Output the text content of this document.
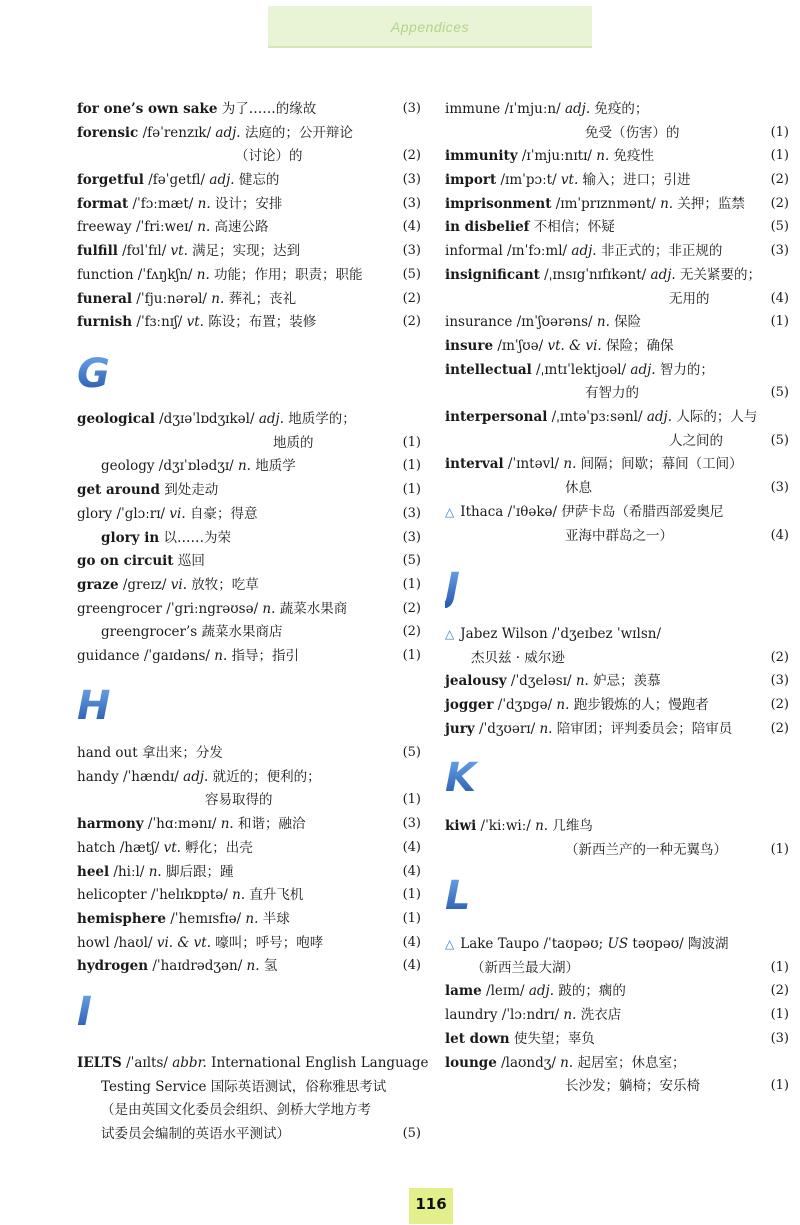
Appendices
for one’s own sake 为了……的缘故	(3)
forensic /fəˈrenzɪk/ adj. 法庭的；公开辩论
（讨论）的	(2)
forgetful /fəˈgetfl/ adj. 健忘的	(3)
format /ˈfɔːmæt/ n. 设计；安排	(3)
freeway /ˈfriːweɪ/ n. 高速公路	(4)
fulfill /fʊlˈfɪl/ vt. 满足；实现；达到	(3)
function /ˈfʌŋkʃn/ n. 功能；作用；职责；职能	(5)
funeral /ˈfjuːnərəl/ n. 葬礼；丧礼	(2)
furnish /ˈfɜːnɪʃ/ vt. 陈设；布置；装修	(2)
G
geological /dʒɪəˈlɒdʒɪkəl/ adj. 地质学的；
地质的	(1)
geology /dʒɪˈɒlədʒɪ/ n. 地质学	(1)
get around 到处走动	(1)
glory /ˈglɔːrɪ/ vi. 自豪；得意	(3)
glory in 以……为荣	(3)
go on circuit 巡回	(5)
graze /greɪz/ vi. 放牧；吃草	(1)
greengrocer /ˈgriːngrəʊsə/ n. 蔬菜水果商	(2)
greengrocer’s 蔬菜水果商店	(2)
guidance /ˈgaɪdəns/ n. 指导；指引	(1)
H
hand out 拿出来；分发	(5)
handy /ˈhændɪ/ adj. 就近的；便利的；
容易取得的	(1)
harmony /ˈhɑːmənɪ/ n. 和谐；融洽	(3)
hatch /hætʃ/ vt. 孵化；出壳	(4)
heel /hiːl/ n. 脚后跟；踵	(4)
helicopter /ˈhelɪkɒptə/ n. 直升飞机	(1)
hemisphere /ˈhemɪsfɪə/ n. 半球	(1)
howl /haʊl/ vi. & vt. 嚎叫；呼号；咆哮	(4)
hydrogen /ˈhaɪdrədʒən/ n. 氢	(4)
I
IELTS /ˈaɪlts/ abbr. International English Language
Testing Service 国际英语测试，俗称雅思考试
（是由英国文化委员会组织、剑桥大学地方考
试委员会编制的英语水平测试）	(5)
immune /ɪˈmjuːn/ adj. 免疫的；
免受（伤害）的	(1)
immunity /ɪˈmjuːnɪtɪ/ n. 免疫性	(1)
import /ɪmˈpɔːt/ vt. 输入；进口；引进	(2)
imprisonment /ɪmˈprɪznmənt/ n. 关押；监禁	(2)
in disbelief 不相信；怀疑	(5)
informal /ɪnˈfɔːml/ adj. 非正式的；非正规的	(3)
insignificant /ˌɪnsɪgˈnɪfɪkənt/ adj. 无关紧要的；
无用的	(4)
insurance /ɪnˈʃʊərəns/ n. 保险	(1)
insure /ɪnˈʃʊə/ vt. & vi. 保险；确保
intellectual /ˌɪntɪˈlektjʊəl/ adj. 智力的；
有智力的	(5)
interpersonal /ˌɪntəˈpɜːsənl/ adj. 人际的；人与
人之间的	(5)
interval /ˈɪntəvl/ n. 间隔；间歇；幕间（工间）
休息	(3)
△ Ithaca /ˈɪθəkə/ 伊萨卡岛（希腊西部爱奥尼
亚海中群岛之一）	(4)
J
△ Jabez Wilson /ˈdʒeɪbez ˈwɪlsn/
杰贝兹 · 威尔逊	(2)
jealousy /ˈdʒeləsɪ/ n. 妒忌；羡慕	(3)
jogger /ˈdʒɒgə/ n. 跑步锻炼的人；慢跑者	(2)
jury /ˈdʒʊərɪ/ n. 陪审团；评判委员会；陪审员	(2)
K
kiwi /ˈkiːwiː/ n. 几维鸟
（新西兰产的一种无翼鸟）	(1)
L
△ Lake Taupo /ˈtaʊpəʊ; US təʊpəʊ/ 陶波湖
（新西兰最大湖）	(1)
lame /leɪm/ adj. 跛的；瘸的	(2)
laundry /ˈlɔːndrɪ/ n. 洗衣店	(1)
let down 使失望；辜负	(3)
lounge /laʊndʒ/ n. 起居室；休息室；
长沙发；躺椅；安乐椅	(1)
116
